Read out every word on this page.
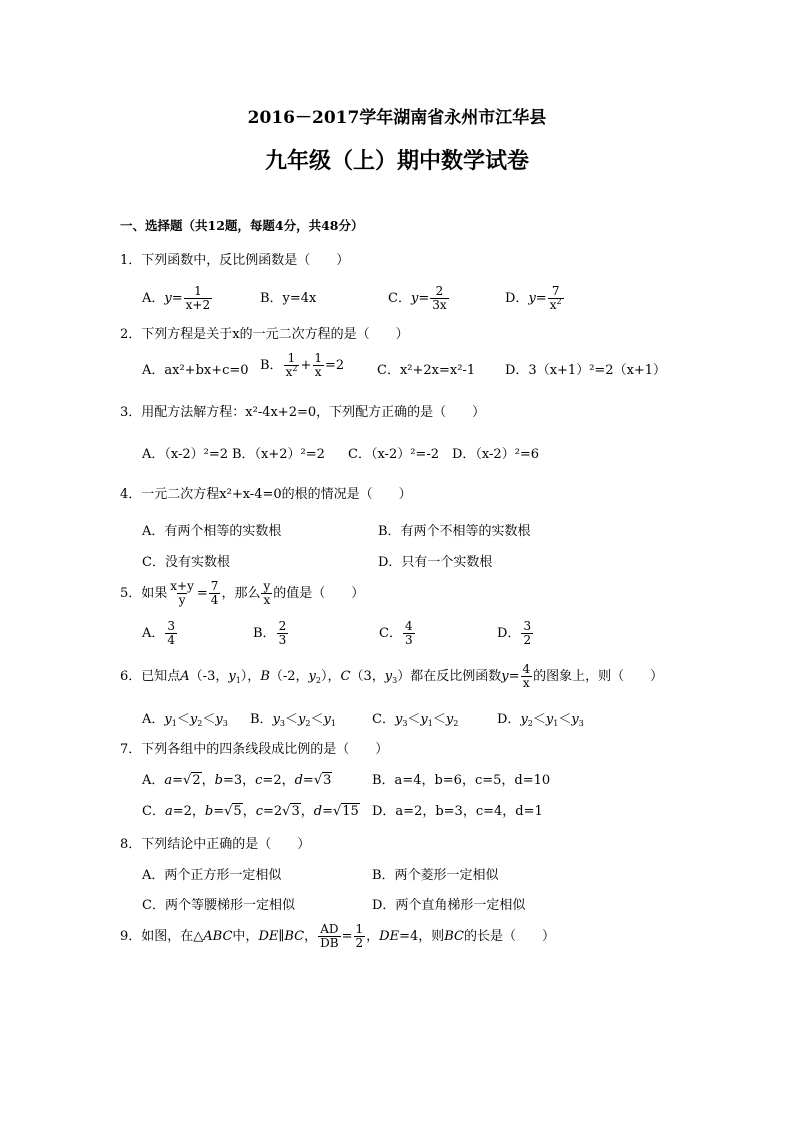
2016－2017学年湖南省永州市江华县
九年级（上）期中数学试卷
一、选择题（共12题，每题4分，共48分）
1．下列函数中，反比例函数是（　　）
A．$y= \frac{1}{x+2}$	B．y=4x	C．$y= \frac{2}{3x}$	D．$y= \frac{7}{x^2}$
2．下列方程是关于x的一元二次方程的是（　　）
A．ax²+bx+c=0 B． $\frac{1}{x^2} + \frac{1}{x} =2$	C．x²+2x=x²-1 D．3（x+1）²=2（x+1）
3．用配方法解方程：x²-4x+2=0，下列配方正确的是（　　）
A．（x-2）²=2 B．（x+2）²=2 C．（x-2）²=-2 D．（x-2）²=6
4．一元二次方程x²+x-4=0的根的情况是（　　）
A．有两个相等的实数根	B．有两个不相等的实数根
C．没有实数根	D．只有一个实数根
5．如果 $\frac{x+y}{y} = \frac{7}{4}$ ，那么 $\frac{y}{x}$ 的值是（　　）
A． $\frac{3}{4}$	B． $\frac{2}{3}$	C． $\frac{4}{3}$	D． $\frac{3}{2}$
6．已知点A（-3，$y_1$），B（-2，$y_2$），C（3，$y_3$）都在反比例函数$y= \frac{4}{x}$ 的图象上，则（　　）
A．$y_1<y_2<y_3$ B．$y_3<y_2<y_1$	C．$y_3<y_1<y_2$	D．$y_2<y_1<y_3$
7．下列各组中的四条线段成比例的是（　　）
A．a=√2，b=3，c=2，d=√3	B．a=4，b=6，c=5，d=10
C．a=2，b=√5，c=2√3，d=√15 D．a=2，b=3，c=4，d=1
8．下列结论中正确的是（　　）
A．两个正方形一定相似	B．两个菱形一定相似
C．两个等腰梯形一定相似	D．两个直角梯形一定相似
9．如图，在△ABC中，DE∥BC， $\frac{AD}{DB} = \frac{1}{2}$ ，DE=4，则BC的长是（　　）
